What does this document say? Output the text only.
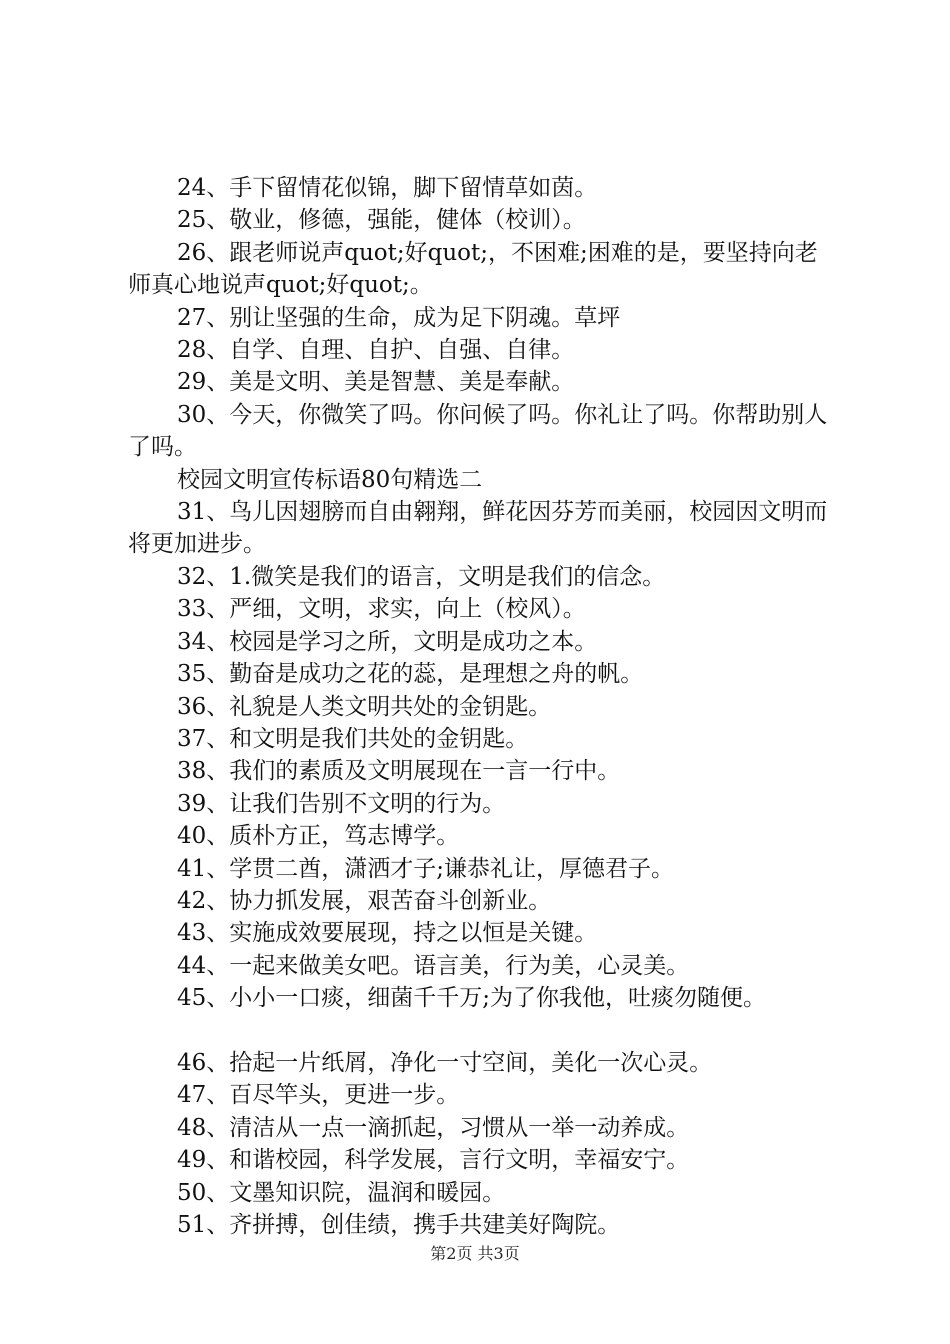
24、手下留情花似锦，脚下留情草如茵。

25、敬业，修德，强能，健体（校训）。

26、跟老师说声quot;好quot;，不困难;困难的是，要坚持向老师真心地说声quot;好quot;。

27、别让坚强的生命，成为足下阴魂。草坪

28、自学、自理、自护、自强、自律。

29、美是文明、美是智慧、美是奉献。

30、今天，你微笑了吗。你问候了吗。你礼让了吗。你帮助别人了吗。

校园文明宣传标语80句精选二

31、鸟儿因翅膀而自由翱翔，鲜花因芬芳而美丽，校园因文明而将更加进步。

32、1.微笑是我们的语言，文明是我们的信念。

33、严细，文明，求实，向上（校风）。

34、校园是学习之所，文明是成功之本。

35、勤奋是成功之花的蕊，是理想之舟的帆。

36、礼貌是人类文明共处的金钥匙。

37、和文明是我们共处的金钥匙。

38、我们的素质及文明展现在一言一行中。

39、让我们告别不文明的行为。

40、质朴方正，笃志博学。

41、学贯二酋，潇洒才子;谦恭礼让，厚德君子。

42、协力抓发展，艰苦奋斗创新业。

43、实施成效要展现，持之以恒是关键。

44、一起来做美女吧。语言美，行为美，心灵美。

45、小小一口痰，细菌千千万;为了你我他，吐痰勿随便。

46、拾起一片纸屑，净化一寸空间，美化一次心灵。

47、百尽竿头，更进一步。

48、清洁从一点一滴抓起，习惯从一举一动养成。

49、和谐校园，科学发展，言行文明，幸福安宁。

50、文墨知识院，温润和暖园。

51、齐拼搏，创佳绩，携手共建美好陶院。

第2页 共3页
